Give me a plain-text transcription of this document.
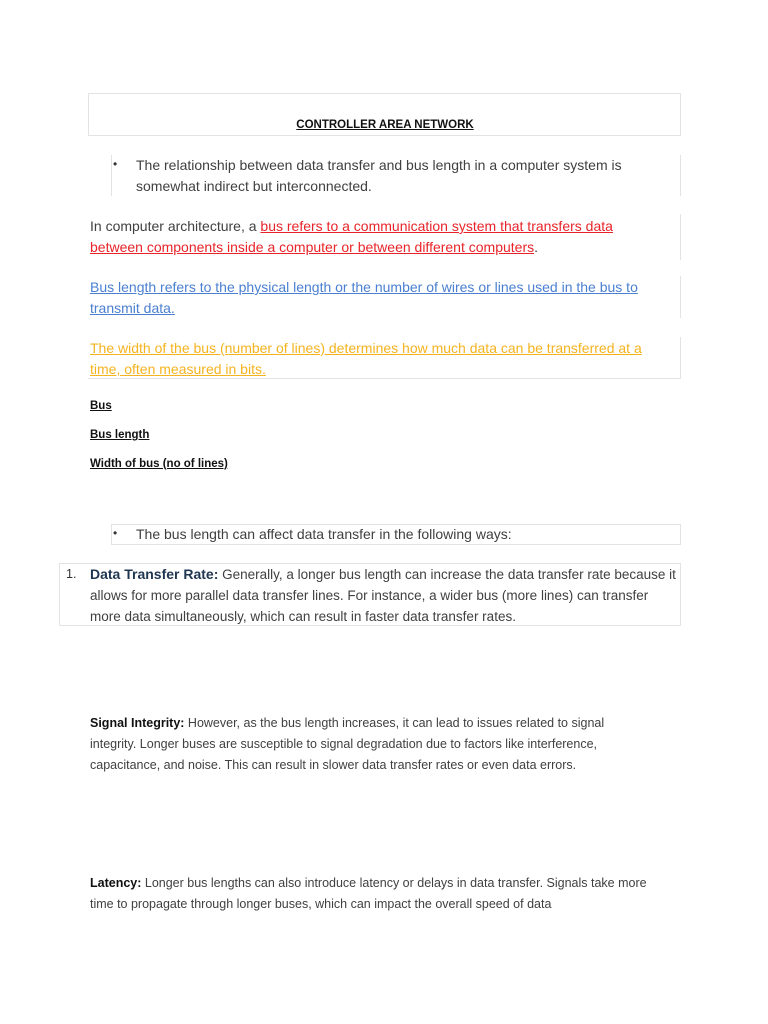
CONTROLLER AREA NETWORK
• The relationship between data transfer and bus length in a computer system is somewhat indirect but interconnected.
In computer architecture, a bus refers to a communication system that transfers data between components inside a computer or between different computers.
Bus length refers to the physical length or the number of wires or lines used in the bus to transmit data.
The width of the bus (number of lines) determines how much data can be transferred at a time, often measured in bits.
Bus
Bus length
Width of bus (no of lines)
• The bus length can affect data transfer in the following ways:
1. Data Transfer Rate: Generally, a longer bus length can increase the data transfer rate because it allows for more parallel data transfer lines. For instance, a wider bus (more lines) can transfer more data simultaneously, which can result in faster data transfer rates.
Signal Integrity: However, as the bus length increases, it can lead to issues related to signal integrity. Longer buses are susceptible to signal degradation due to factors like interference, capacitance, and noise. This can result in slower data transfer rates or even data errors.
Latency: Longer bus lengths can also introduce latency or delays in data transfer. Signals take more time to propagate through longer buses, which can impact the overall speed of data
